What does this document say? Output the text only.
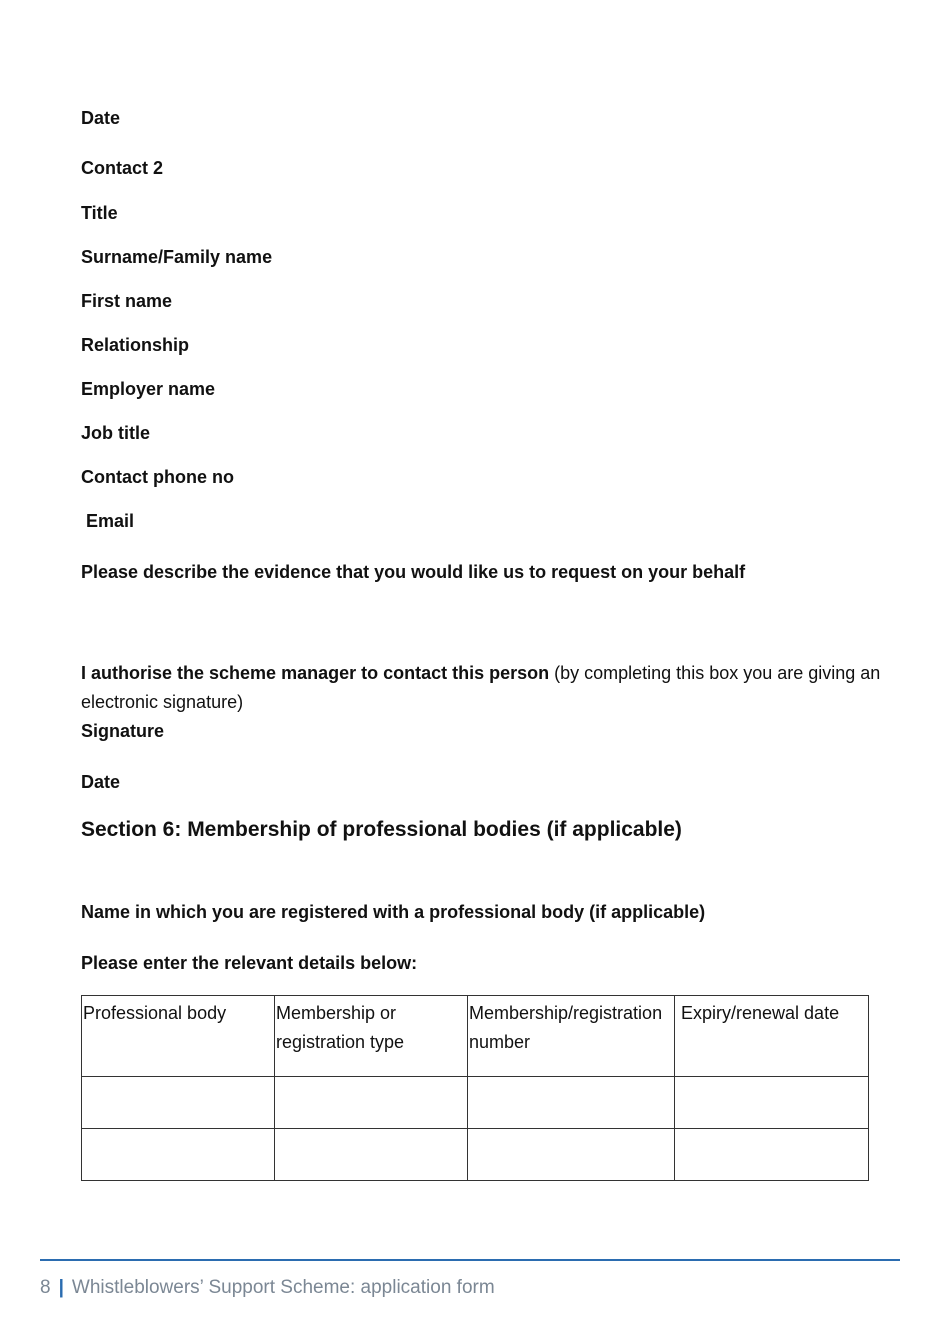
Date
Contact 2
Title
Surname/Family name
First name
Relationship
Employer name
Job title
Contact phone no
Email
Please describe the evidence that you would like us to request on your behalf
I authorise the scheme manager to contact this person (by completing this box you are giving an electronic signature)
Signature
Date
Section 6: Membership of professional bodies (if applicable)
Name in which you are registered with a professional body (if applicable)
Please enter the relevant details below:
Professional body	Membership or registration type	Membership/registration number	Expiry/renewal date

8 | Whistleblowers’ Support Scheme: application form
